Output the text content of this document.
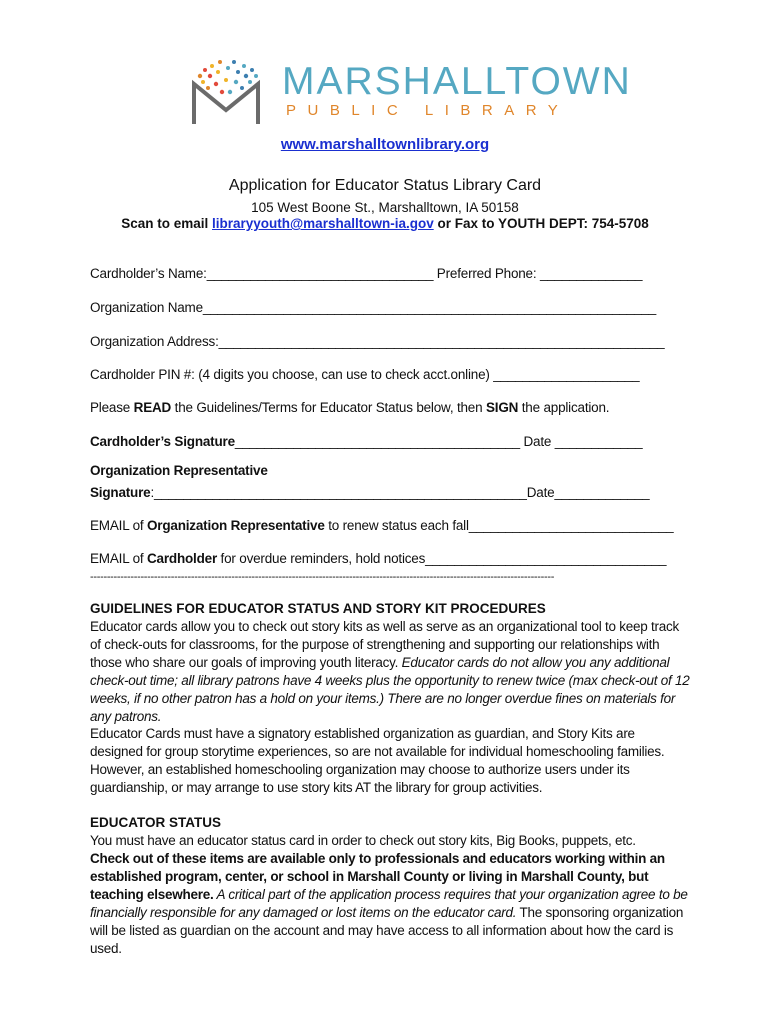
MARSHALLTOWN
PUBLIC LIBRARY
www.marshalltownlibrary.org
Application for Educator Status Library Card
105 West Boone St., Marshalltown, IA 50158
Scan to email libraryyouth@marshalltown-ia.gov or Fax to YOUTH DEPT: 754-5708
Cardholder’s Name:_______________________________ Preferred Phone: ______________
Organization Name______________________________________________________________
Organization Address:_____________________________________________________________
Cardholder PIN #: (4 digits you choose, can use to check acct.online) ____________________
Please READ the Guidelines/Terms for Educator Status below, then SIGN the application.
Cardholder’s Signature_______________________________________ Date ____________
Organization Representative
Signature:___________________________________________________Date_____________
EMAIL of Organization Representative to renew status each fall____________________________
EMAIL of Cardholder for overdue reminders, hold notices_________________________________
------------------------------------------------------------------------------------------------------------------------------------------
GUIDELINES FOR EDUCATOR STATUS AND STORY KIT PROCEDURES
Educator cards allow you to check out story kits as well as serve as an organizational tool to keep track of check-outs for classrooms, for the purpose of strengthening and supporting our relationships with those who share our goals of improving youth literacy. Educator cards do not allow you any additional check-out time; all library patrons have 4 weeks plus the opportunity to renew twice (max check-out of 12 weeks, if no other patron has a hold on your items.) There are no longer overdue fines on materials for any patrons.
Educator Cards must have a signatory established organization as guardian, and Story Kits are designed for group storytime experiences, so are not available for individual homeschooling families. However, an established homeschooling organization may choose to authorize users under its guardianship, or may arrange to use story kits AT the library for group activities.
EDUCATOR STATUS
You must have an educator status card in order to check out story kits, Big Books, puppets, etc.
Check out of these items are available only to professionals and educators working within an established program, center, or school in Marshall County or living in Marshall County, but teaching elsewhere. A critical part of the application process requires that your organization agree to be financially responsible for any damaged or lost items on the educator card. The sponsoring organization will be listed as guardian on the account and may have access to all information about how the card is used.
